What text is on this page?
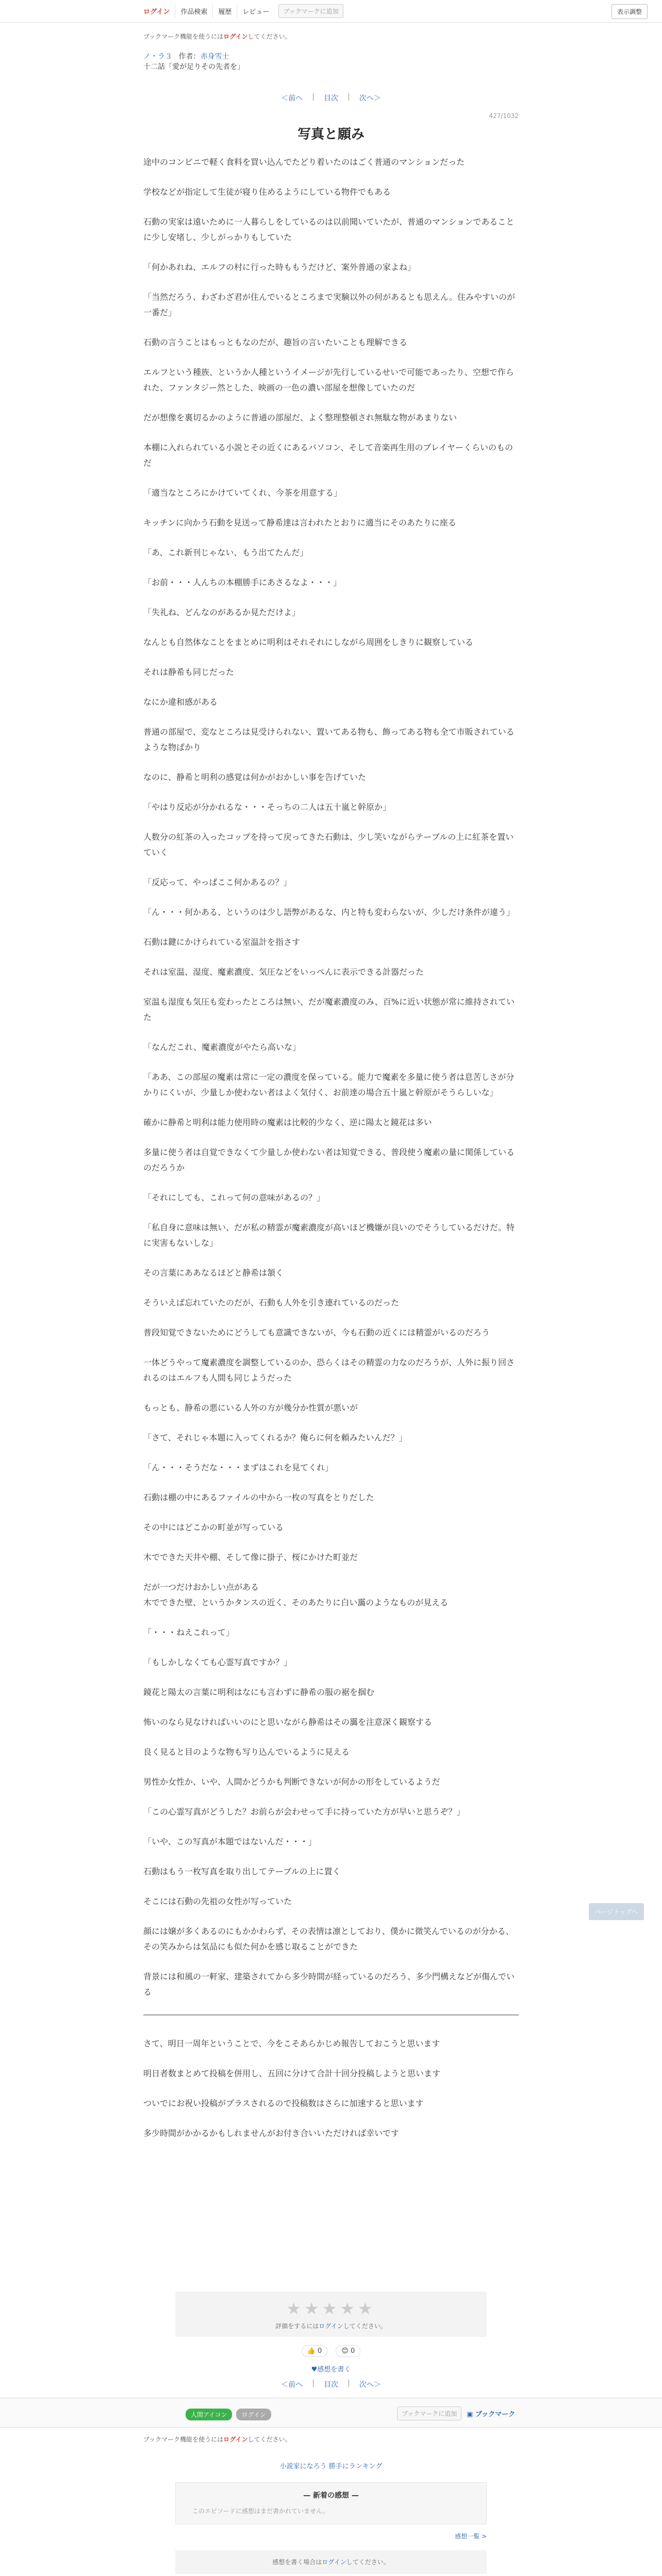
ログイン	作品検索	履歴	レビュー	ブックマークに追加	表示調整
ブックマーク機能を使うにはログインしてください。
ノ・ラ３ 作者：赤身雪士
十二話「愛が足りその先者を」
＜前へ | 目次 | 次へ＞
427/1032
写真と願み

途中のコンビニで軽く食料を買い込んでたどり着いたのはごく普通のマンションだった

学校などが指定して生徒が寝り住めるようにしている物件でもある

石動の実家は遠いために一人暮らしをしているのは以前聞いていたが、普通のマンションであることに少し安堵し、少しがっかりもしていた

「何かあれね、エルフの村に行った時ももうだけど、案外普通の家よね」

「当然だろう、わざわざ君が住んでいるところまで実験以外の何があるとも思えん。住みやすいのが一番だ」

石動の言うことはもっともなのだが、趣旨の言いたいことも理解できる

エルフという種族、というか人種というイメージが先行しているせいで可能であったり、空想で作られた、ファンタジー然とした、映画の一色の濃い部屋を想像していたのだ

だが想像を裏切るかのように普通の部屋だ、よく整理整頓され無駄な物があまりない

本棚に入れられている小説とその近くにあるパソコン、そして音楽再生用のプレイヤーくらいのものだ

「適当なところにかけていてくれ、今茶を用意する」

キッチンに向かう石動を見送って静希達は言われたとおりに適当にそのあたりに座る

「あ、これ新刊じゃない、もう出てたんだ」

「お前・・・人んちの本棚勝手にあさるなよ・・・」

「失礼ね、どんなのがあるか見ただけよ」

なんとも自然体なことをまとめに明利はそれそれにしながら周囲をしきりに観察している

それは静希も同じだった

なにか違和感がある

普通の部屋で、変なところは見受けられない、置いてある物も、飾ってある物も全て市販されているような物ばかり

なのに、静希と明利の感覚は何かがおかしい事を告げていた

「やはり反応が分かれるな・・・そっちの二人は五十嵐と幹原か」

人数分の紅茶の入ったコップを持って戻ってきた石動は、少し笑いながらテーブルの上に紅茶を置いていく

「反応って、やっぱここ何かあるの？」

「ん・・・何かある、というのは少し語弊があるな、内と特も変わらないが、少しだけ条件が違う」

石動は鍵にかけられている室温計を指さす

それは室温、湿度、魔素濃度、気圧などをいっぺんに表示できる計器だった

室温も湿度も気圧も変わったところは無い、だが魔素濃度のみ、百%に近い状態が常に維持されていた

「なんだこれ、魔素濃度がやたら高いな」

「ああ、この部屋の魔素は常に一定の濃度を保っている。能力で魔素を多量に使う者は息苦しさが分かりにくいが、少量しか使わない者はよく気付く、お前達の場合五十嵐と幹原がそうらしいな」

確かに静希と明利は能力使用時の魔素は比較的少なく、逆に陽太と鏡花は多い

多量に使う者は自覚できなくて少量しか使わない者は知覚できる、普段使う魔素の量に関係しているのだろうか

「それにしても、これって何の意味があるの？」

「私自身に意味は無い、だが私の精霊が魔素濃度が高いほど機嫌が良いのでそうしているだけだ。特に実害もないしな」

その言葉にああなるほどと静希は頷く

そういえば忘れていたのだが、石動も人外を引き連れているのだった

普段知覚できないためにどうしても意識できないが、今も石動の近くには精霊がいるのだろう

一体どうやって魔素濃度を調整しているのか、恐らくはその精霊の力なのだろうが、人外に振り回されるのはエルフも人間も同じようだった

もっとも、静希の悪にいる人外の方が幾分か性質が悪いが

「さて、それじゃ本題に入ってくれるか？俺らに何を頼みたいんだ？」

「ん・・・そうだな・・・まずはこれを見てくれ」

石動は棚の中にあるファイルの中から一枚の写真をとりだした

その中にはどこかの町並が写っている

木でできた天井や棚、そして像に掛子、桜にかけた町並だ

だが一つだけおかしい点がある
木でできた壁、というかタンスの近く、そのあたりに白い靄のようなものが見える

「・・・ねえこれって」

「もしかしなくても心霊写真ですか？」

鏡花と陽太の言葉に明利はなにも言わずに静希の服の裾を掴む

怖いのなら見なければいいのにと思いながら静希はその靄を注意深く観察する

良く見ると目のような物も写り込んでいるように見える

男性か女性か、いや、人間かどうかも判断できないが何かの形をしているようだ

「この心霊写真がどうした？お前らが会わせって手に持っていた方が早いと思うぞ？」

「いや、この写真が本題ではないんだ・・・」

石動はもう一枚写真を取り出してテーブルの上に置く

そこには石動の先祖の女性が写っていた

顔には嬢が多くあるのにもかかわらず、その表情は凛としており、僕かに微笑んでいるのが分かる、その笑みからは気品にも似た何かを感じ取ることができた

背景には和風の一軒家、建築されてから多少時間が経っているのだろう、多少門構えなどが傷んでいる

さて、明日一周年ということで、今をこそあらかじめ報告しておこうと思います

明日者数まとめて投稿を併用し、五回に分けて合計十回分投稿しようと思います

ついでにお祝い投稿がプラスされるので投稿数はさらに加速すると思います

多少時間がかかるかもしれませんがお付き合いいただければ幸いです

★★★★★
評価をするにはログインしてください。
👍 0	😊 0
♥感想を書く
＜前へ | 目次 | 次へ＞
人間アイコン	ログイン	ブックマークに追加	▣ ブックマーク
ブックマーク機能を使うにはログインしてください。
小説家になろう 勝手にランキング
— 新着の感想 —
このエピソードに感想はまだ書かれていません。
感想一覧 >
感想を書く場合はログインしてください。
ページトップへ
